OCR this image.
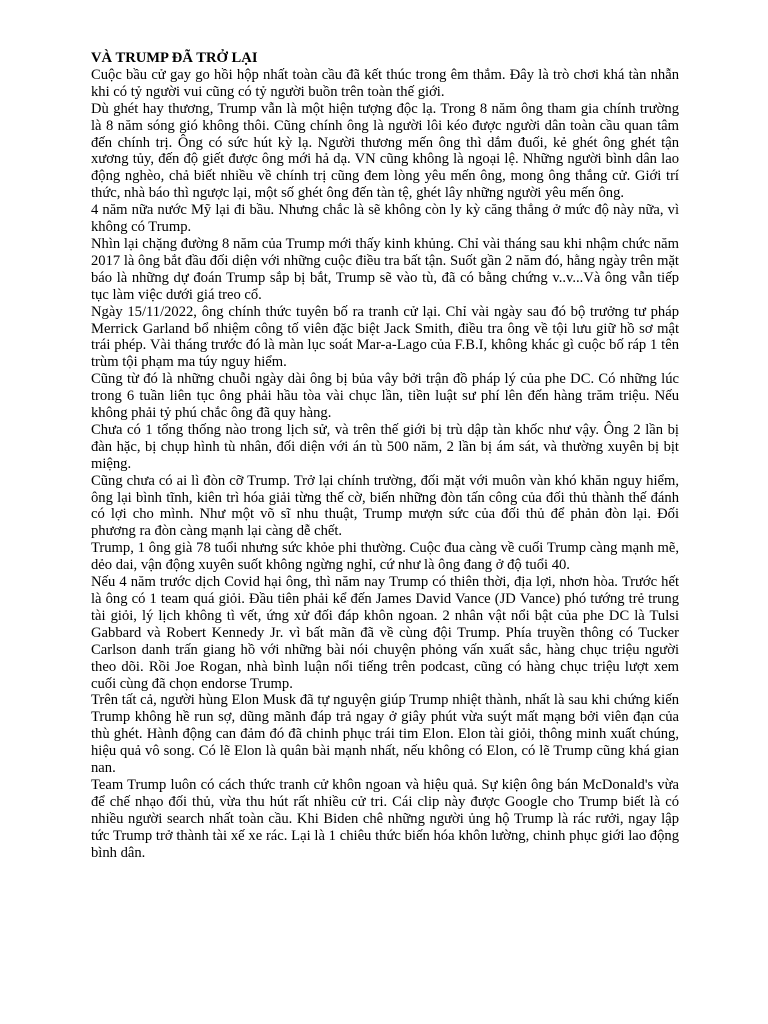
VÀ TRUMP ĐÃ TRỞ LẠI

Cuộc bầu cử gay go hồi hộp nhất toàn cầu đã kết thúc trong êm thắm. Đây là trò chơi khá tàn nhẫn khi có tỷ người vui cũng có tỷ người buồn trên toàn thế giới.

Dù ghét hay thương, Trump vẫn là một hiện tượng độc lạ. Trong 8 năm ông tham gia chính trường là 8 năm sóng gió không thôi. Cũng chính ông là người lôi kéo được người dân toàn cầu quan tâm đến chính trị. Ông có sức hút kỳ lạ. Người thương mến ông thì dắm đuối, kẻ ghét ông ghét tận xương tủy, đến độ giết được ông mới hả dạ. VN cũng không là ngoại lệ. Những người bình dân lao động nghèo, chả biết nhiều về chính trị cũng đem lòng yêu mến ông, mong ông thắng cử. Giới trí thức, nhà báo thì ngược lại, một số ghét ông đến tàn tệ, ghét lây những người yêu mến ông.

4 năm nữa nước Mỹ lại đi bầu. Nhưng chắc là sẽ không còn ly kỳ căng thẳng ở mức độ này nữa, vì không có Trump.

Nhìn lại chặng đường 8 năm của Trump mới thấy kinh khủng. Chỉ vài tháng sau khi nhậm chức năm 2017 là ông bắt đầu đối diện với những cuộc điều tra bất tận. Suốt gần 2 năm đó, hằng ngày trên mặt báo là những dự đoán Trump sắp bị bắt, Trump sẽ vào tù, đã có bằng chứng v..v...Và ông vẫn tiếp tục làm việc dưới giá treo cổ.

Ngày 15/11/2022, ông chính thức tuyên bố ra tranh cử lại. Chỉ vài ngày sau đó bộ trưởng tư pháp Merrick Garland bổ nhiệm công tố viên đặc biệt Jack Smith, điều tra ông về tội lưu giữ hồ sơ mật trái phép. Vài tháng trước đó là màn lục soát Mar-a-Lago của F.B.I, không khác gì cuộc bố ráp 1 tên trùm tội phạm ma túy nguy hiểm.

Cũng từ đó là những chuỗi ngày dài ông bị bủa vây bởi trận đồ pháp lý của phe DC. Có những lúc trong 6 tuần liên tục ông phải hầu tòa vài chục lần, tiền luật sư phí lên đến hàng trăm triệu. Nếu không phải tỷ phú chắc ông đã quy hàng.

Chưa có 1 tổng thống nào trong lịch sử, và trên thế giới bị trù dập tàn khốc như vậy. Ông 2 lần bị đàn hặc, bị chụp hình tù nhân, đối diện với án tù 500 năm, 2 lần bị ám sát, và thường xuyên bị bịt miệng.

Cũng chưa có ai lì đòn cỡ Trump. Trở lại chính trường, đối mặt với muôn vàn khó khăn nguy hiểm, ông lại bình tĩnh, kiên trì hóa giải từng thế cờ, biến những đòn tấn công của đối thủ thành thế đánh có lợi cho mình. Như một võ sĩ nhu thuật, Trump mượn sức của đối thủ để phản đòn lại. Đối phương ra đòn càng mạnh lại càng dễ chết.

Trump, 1 ông già 78 tuổi nhưng sức khỏe phi thường. Cuộc đua càng về cuối Trump càng mạnh mẽ, dẻo dai, vận động xuyên suốt không ngừng nghỉ, cứ như là ông đang ở độ tuổi 40.

Nếu 4 năm trước dịch Covid hại ông, thì năm nay Trump có thiên thời, địa lợi, nhơn hòa. Trước hết là ông có 1 team quá giỏi. Đầu tiên phải kể đến James David Vance (JD Vance) phó tướng trẻ trung tài giỏi, lý lịch không tì vết, ứng xử đối đáp khôn ngoan. 2 nhân vật nổi bật của phe DC là Tulsi Gabbard và Robert Kennedy Jr. vì bất mãn đã về cùng đội Trump. Phía truyền thông có Tucker Carlson danh trấn giang hồ với những bài nói chuyện phỏng vấn xuất sắc, hàng chục triệu người theo dõi. Rồi Joe Rogan, nhà bình luận nổi tiếng trên podcast, cũng có hàng chục triệu lượt xem cuối cùng đã chọn endorse Trump.

Trên tất cả, người hùng Elon Musk đã tự nguyện giúp Trump nhiệt thành, nhất là sau khi chứng kiến Trump không hề run sợ, dũng mãnh đáp trả ngay ở giây phút vừa suýt mất mạng bởi viên đạn của thù ghét. Hành động can đảm đó đã chinh phục trái tim Elon. Elon tài giỏi, thông minh xuất chúng, hiệu quả vô song. Có lẽ Elon là quân bài mạnh nhất, nếu không có Elon, có lẽ Trump cũng khá gian nan.

Team Trump luôn có cách thức tranh cử khôn ngoan và hiệu quả. Sự kiện ông bán McDonald's vừa để chế nhạo đối thủ, vừa thu hút rất nhiều cử tri. Cái clip này được Google cho Trump biết là có nhiều người search nhất toàn cầu. Khi Biden chê những người ủng hộ Trump là rác rưởi, ngay lập tức Trump trở thành tài xế xe rác. Lại là 1 chiêu thức biến hóa khôn lường, chinh phục giới lao động bình dân.
